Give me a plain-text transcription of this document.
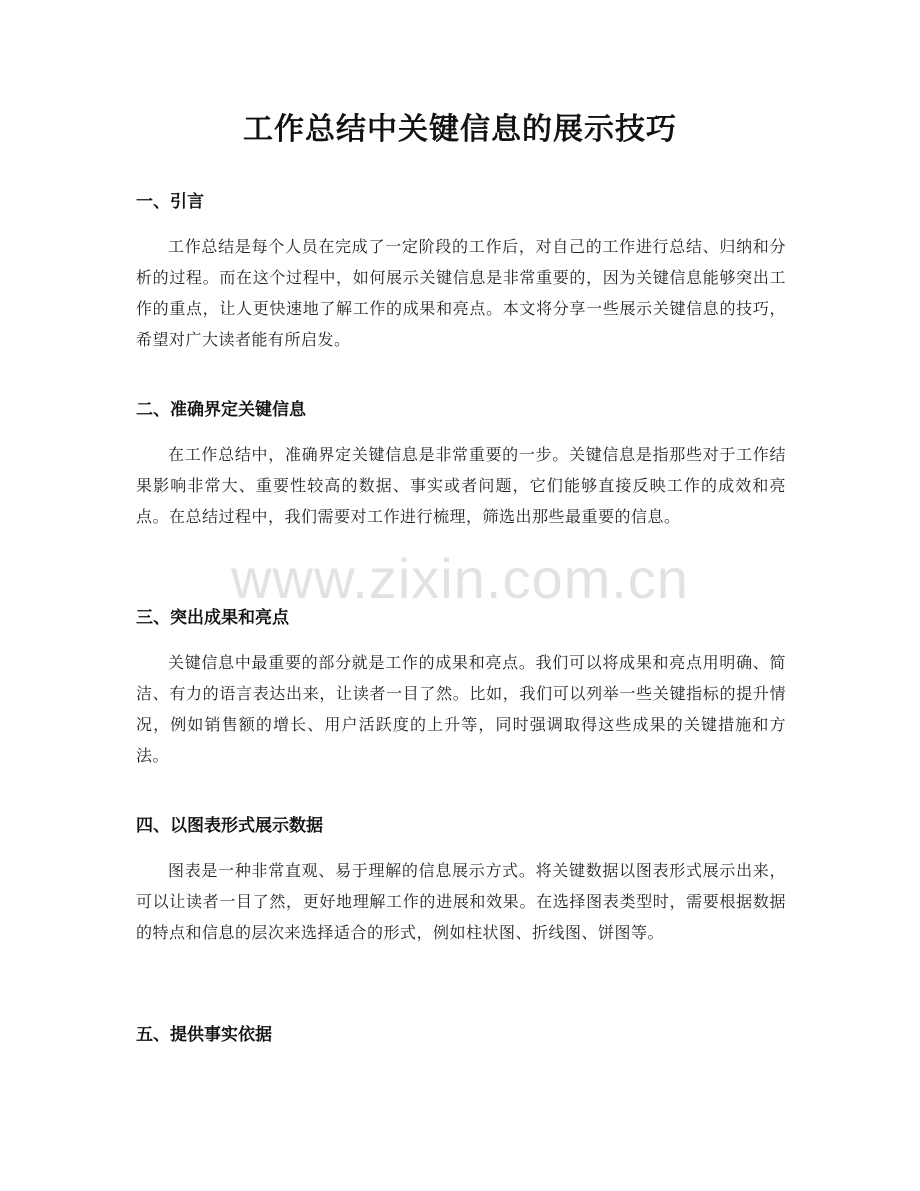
工作总结中关键信息的展示技巧

一、引言

工作总结是每个人员在完成了一定阶段的工作后，对自己的工作进行总结、归纳和分析的过程。而在这个过程中，如何展示关键信息是非常重要的，因为关键信息能够突出工作的重点，让人更快速地了解工作的成果和亮点。本文将分享一些展示关键信息的技巧，希望对广大读者能有所启发。

二、准确界定关键信息

在工作总结中，准确界定关键信息是非常重要的一步。关键信息是指那些对于工作结果影响非常大、重要性较高的数据、事实或者问题，它们能够直接反映工作的成效和亮点。在总结过程中，我们需要对工作进行梳理，筛选出那些最重要的信息。

三、突出成果和亮点

关键信息中最重要的部分就是工作的成果和亮点。我们可以将成果和亮点用明确、简洁、有力的语言表达出来，让读者一目了然。比如，我们可以列举一些关键指标的提升情况，例如销售额的增长、用户活跃度的上升等，同时强调取得这些成果的关键措施和方法。

四、以图表形式展示数据

图表是一种非常直观、易于理解的信息展示方式。将关键数据以图表形式展示出来，可以让读者一目了然，更好地理解工作的进展和效果。在选择图表类型时，需要根据数据的特点和信息的层次来选择适合的形式，例如柱状图、折线图、饼图等。

五、提供事实依据

www.zixin.com.cn
